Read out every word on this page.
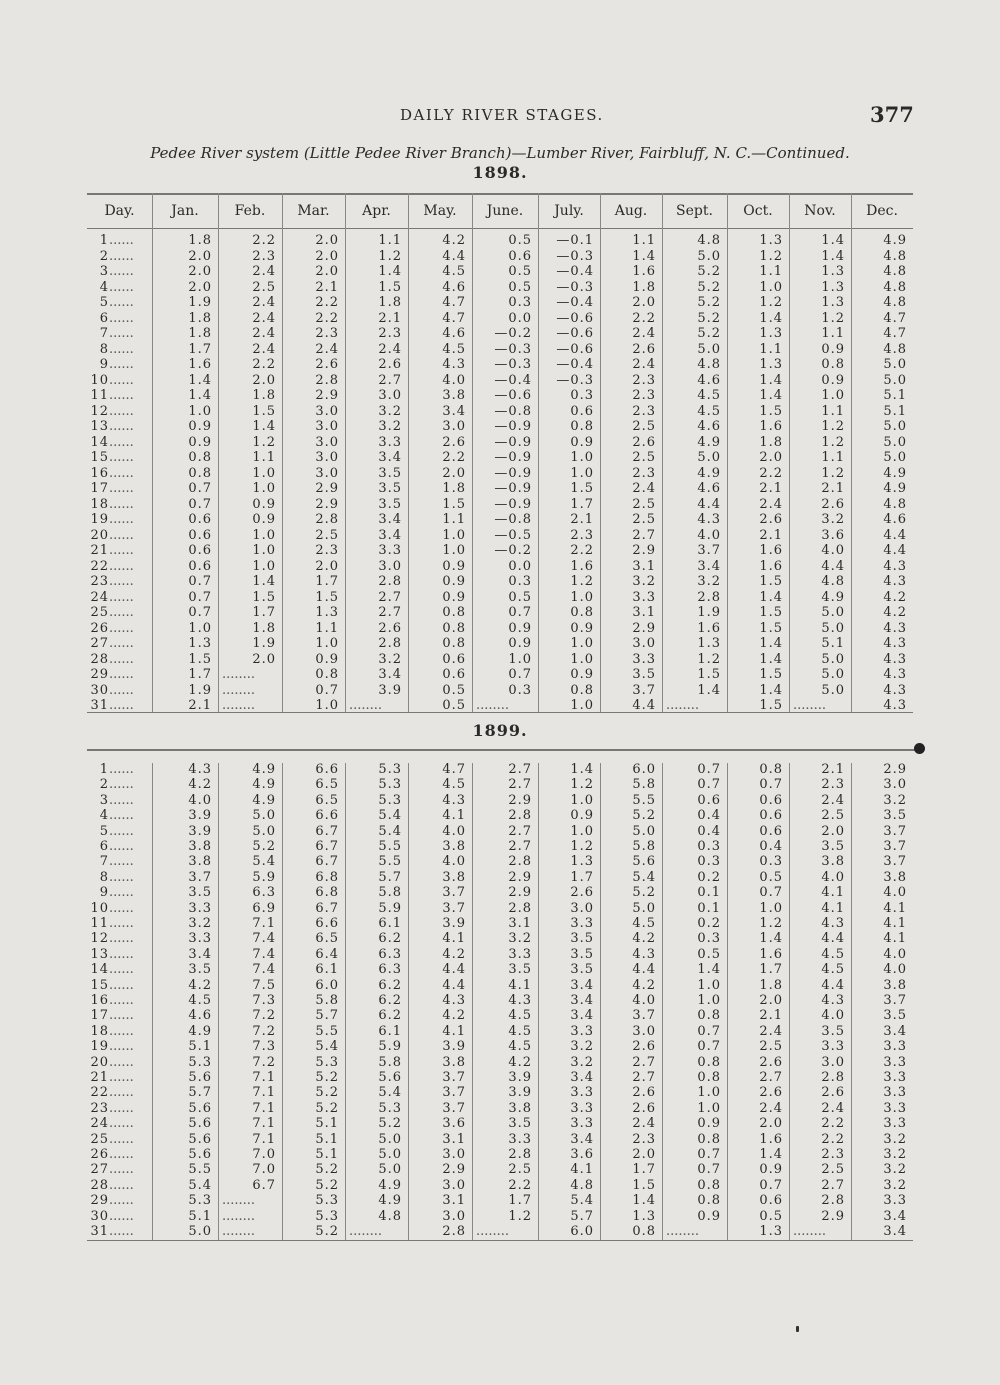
DAILY RIVER STAGES.	377
Pedee River system (Little Pedee River Branch)—Lumber River, Fairbluff, N. C.—Continued.
1898.
1899.
Day.	Jan.	Feb.	Mar.	Apr.	May.	June.	July.	Aug.	Sept.	Oct.	Nov.	Dec.
1......	1.8	2.2	2.0	1.1	4.2	0.5	—0.1	1.1	4.8	1.3	1.4	4.9
2......	2.0	2.3	2.0	1.2	4.4	0.6	—0.3	1.4	5.0	1.2	1.4	4.8
3......	2.0	2.4	2.0	1.4	4.5	0.5	—0.4	1.6	5.2	1.1	1.3	4.8
4......	2.0	2.5	2.1	1.5	4.6	0.5	—0.3	1.8	5.2	1.0	1.3	4.8
5......	1.9	2.4	2.2	1.8	4.7	0.3	—0.4	2.0	5.2	1.2	1.3	4.8
6......	1.8	2.4	2.2	2.1	4.7	0.0	—0.6	2.2	5.2	1.4	1.2	4.7
7......	1.8	2.4	2.3	2.3	4.6	—0.2	—0.6	2.4	5.2	1.3	1.1	4.7
8......	1.7	2.4	2.4	2.4	4.5	—0.3	—0.6	2.6	5.0	1.1	0.9	4.8
9......	1.6	2.2	2.6	2.6	4.3	—0.3	—0.4	2.4	4.8	1.3	0.8	5.0
10......	1.4	2.0	2.8	2.7	4.0	—0.4	—0.3	2.3	4.6	1.4	0.9	5.0
11......	1.4	1.8	2.9	3.0	3.8	—0.6	0.3	2.3	4.5	1.4	1.0	5.1
12......	1.0	1.5	3.0	3.2	3.4	—0.8	0.6	2.3	4.5	1.5	1.1	5.1
13......	0.9	1.4	3.0	3.2	3.0	—0.9	0.8	2.5	4.6	1.6	1.2	5.0
14......	0.9	1.2	3.0	3.3	2.6	—0.9	0.9	2.6	4.9	1.8	1.2	5.0
15......	0.8	1.1	3.0	3.4	2.2	—0.9	1.0	2.5	5.0	2.0	1.1	5.0
16......	0.8	1.0	3.0	3.5	2.0	—0.9	1.0	2.3	4.9	2.2	1.2	4.9
17......	0.7	1.0	2.9	3.5	1.8	—0.9	1.5	2.4	4.6	2.1	2.1	4.9
18......	0.7	0.9	2.9	3.5	1.5	—0.9	1.7	2.5	4.4	2.4	2.6	4.8
19......	0.6	0.9	2.8	3.4	1.1	—0.8	2.1	2.5	4.3	2.6	3.2	4.6
20......	0.6	1.0	2.5	3.4	1.0	—0.5	2.3	2.7	4.0	2.1	3.6	4.4
21......	0.6	1.0	2.3	3.3	1.0	—0.2	2.2	2.9	3.7	1.6	4.0	4.4
22......	0.6	1.0	2.0	3.0	0.9	0.0	1.6	3.1	3.4	1.6	4.4	4.3
23......	0.7	1.4	1.7	2.8	0.9	0.3	1.2	3.2	3.2	1.5	4.8	4.3
24......	0.7	1.5	1.5	2.7	0.9	0.5	1.0	3.3	2.8	1.4	4.9	4.2
25......	0.7	1.7	1.3	2.7	0.8	0.7	0.8	3.1	1.9	1.5	5.0	4.2
26......	1.0	1.8	1.1	2.6	0.8	0.9	0.9	2.9	1.6	1.5	5.0	4.3
27......	1.3	1.9	1.0	2.8	0.8	0.9	1.0	3.0	1.3	1.4	5.1	4.3
28......	1.5	2.0	0.9	3.2	0.6	1.0	1.0	3.3	1.2	1.4	5.0	4.3
29......	1.7 ........	0.8	3.4	0.6	0.7	0.9	3.5	1.5	1.5	5.0	4.3
30......	1.9 ........	0.7	3.9	0.5	0.3	0.8	3.7	1.4	1.4	5.0	4.3
31......	2.1 ........	1.0 ........	0.5 ........	1.0	4.4 ........	1.5 ........	4.3
1......	4.3	4.9	6.6	5.3	4.7	2.7	1.4	6.0	0.7	0.8	2.1	2.9
2......	4.2	4.9	6.5	5.3	4.5	2.7	1.2	5.8	0.7	0.7	2.3	3.0
3......	4.0	4.9	6.5	5.3	4.3	2.9	1.0	5.5	0.6	0.6	2.4	3.2
4......	3.9	5.0	6.6	5.4	4.1	2.8	0.9	5.2	0.4	0.6	2.5	3.5
5......	3.9	5.0	6.7	5.4	4.0	2.7	1.0	5.0	0.4	0.6	2.0	3.7
6......	3.8	5.2	6.7	5.5	3.8	2.7	1.2	5.8	0.3	0.4	3.5	3.7
7......	3.8	5.4	6.7	5.5	4.0	2.8	1.3	5.6	0.3	0.3	3.8	3.7
8......	3.7	5.9	6.8	5.7	3.8	2.9	1.7	5.4	0.2	0.5	4.0	3.8
9......	3.5	6.3	6.8	5.8	3.7	2.9	2.6	5.2	0.1	0.7	4.1	4.0
10......	3.3	6.9	6.7	5.9	3.7	2.8	3.0	5.0	0.1	1.0	4.1	4.1
11......	3.2	7.1	6.6	6.1	3.9	3.1	3.3	4.5	0.2	1.2	4.3	4.1
12......	3.3	7.4	6.5	6.2	4.1	3.2	3.5	4.2	0.3	1.4	4.4	4.1
13......	3.4	7.4	6.4	6.3	4.2	3.3	3.5	4.3	0.5	1.6	4.5	4.0
14......	3.5	7.4	6.1	6.3	4.4	3.5	3.5	4.4	1.4	1.7	4.5	4.0
15......	4.2	7.5	6.0	6.2	4.4	4.1	3.4	4.2	1.0	1.8	4.4	3.8
16......	4.5	7.3	5.8	6.2	4.3	4.3	3.4	4.0	1.0	2.0	4.3	3.7
17......	4.6	7.2	5.7	6.2	4.2	4.5	3.4	3.7	0.8	2.1	4.0	3.5
18......	4.9	7.2	5.5	6.1	4.1	4.5	3.3	3.0	0.7	2.4	3.5	3.4
19......	5.1	7.3	5.4	5.9	3.9	4.5	3.2	2.6	0.7	2.5	3.3	3.3
20......	5.3	7.2	5.3	5.8	3.8	4.2	3.2	2.7	0.8	2.6	3.0	3.3
21......	5.6	7.1	5.2	5.6	3.7	3.9	3.4	2.7	0.8	2.7	2.8	3.3
22......	5.7	7.1	5.2	5.4	3.7	3.9	3.3	2.6	1.0	2.6	2.6	3.3
23......	5.6	7.1	5.2	5.3	3.7	3.8	3.3	2.6	1.0	2.4	2.4	3.3
24......	5.6	7.1	5.1	5.2	3.6	3.5	3.3	2.4	0.9	2.0	2.2	3.3
25......	5.6	7.1	5.1	5.0	3.1	3.3	3.4	2.3	0.8	1.6	2.2	3.2
26......	5.6	7.0	5.1	5.0	3.0	2.8	3.6	2.0	0.7	1.4	2.3	3.2
27......	5.5	7.0	5.2	5.0	2.9	2.5	4.1	1.7	0.7	0.9	2.5	3.2
28......	5.4	6.7	5.2	4.9	3.0	2.2	4.8	1.5	0.8	0.7	2.7	3.2
29......	5.3 ........	5.3	4.9	3.1	1.7	5.4	1.4	0.8	0.6	2.8	3.3
30......	5.1 ........	5.3	4.8	3.0	1.2	5.7	1.3	0.9	0.5	2.9	3.4
31......	5.0 ........	5.2 ........	2.8 ........	6.0	0.8 ........	1.3 ........	3.4
